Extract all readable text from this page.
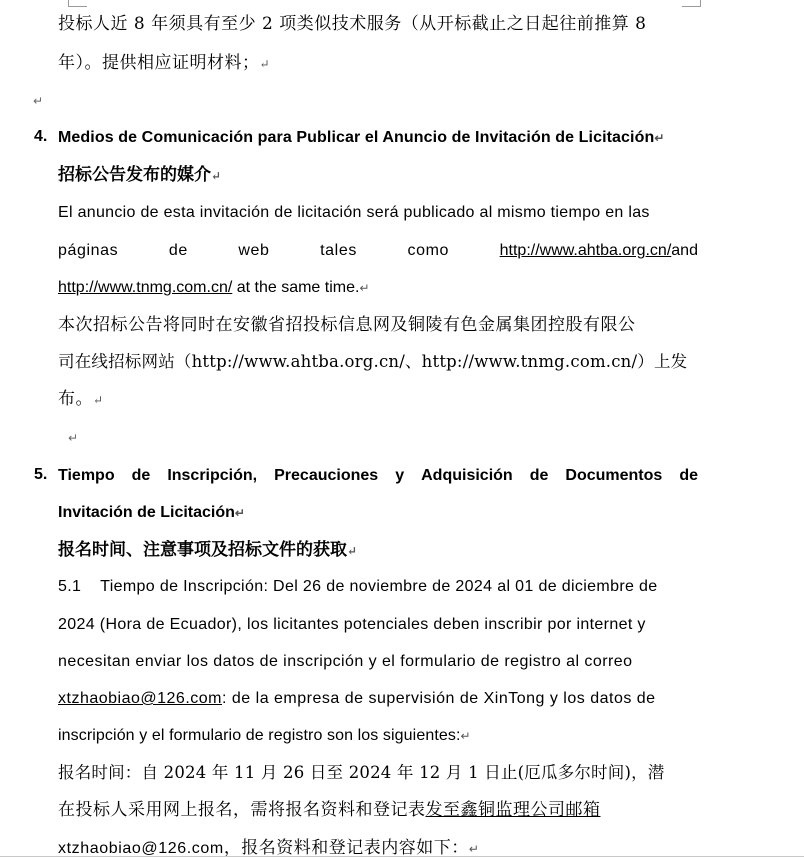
投标人近 8 年须具有至少 2 项类似技术服务（从开标截止之日起往前推算 8
年）。提供相应证明材料；↵
↵
4. Medios de Comunicación para Publicar el Anuncio de Invitación de Licitación↵
招标公告发布的媒介↵
El anuncio de esta invitación de licitación será publicado al mismo tiempo en las
páginas	de	web	tales	como	http://www.ahtba.org.cn/and
http://www.tnmg.com.cn/ at the same time.↵
本次招标公告将同时在安徽省招投标信息网及铜陵有色金属集团控股有限公
司在线招标网站（http://www.ahtba.org.cn/、http://www.tnmg.com.cn/）上发
布。↵
↵
5. Tiempo de Inscripción, Precauciones y Adquisición de Documentos de
Invitación de Licitación↵
报名时间、注意事项及招标文件的获取↵
5.1    Tiempo de Inscripción: Del 26 de noviembre de 2024 al 01 de diciembre de
2024 (Hora de Ecuador), los licitantes potenciales deben inscribir por internet y
necesitan enviar los datos de inscripción y el formulario de registro al correo
xtzhaobiao@126.com: de la empresa de supervisión de XinTong y los datos de
inscripción y el formulario de registro son los siguientes:↵
报名时间：自 2024 年 11 月 26 日至 2024 年 12 月 1 日止(厄瓜多尔时间)，潜
在投标人采用网上报名，需将报名资料和登记表发至鑫铜监理公司邮箱
xtzhaobiao@126.com，报名资料和登记表内容如下：↵
